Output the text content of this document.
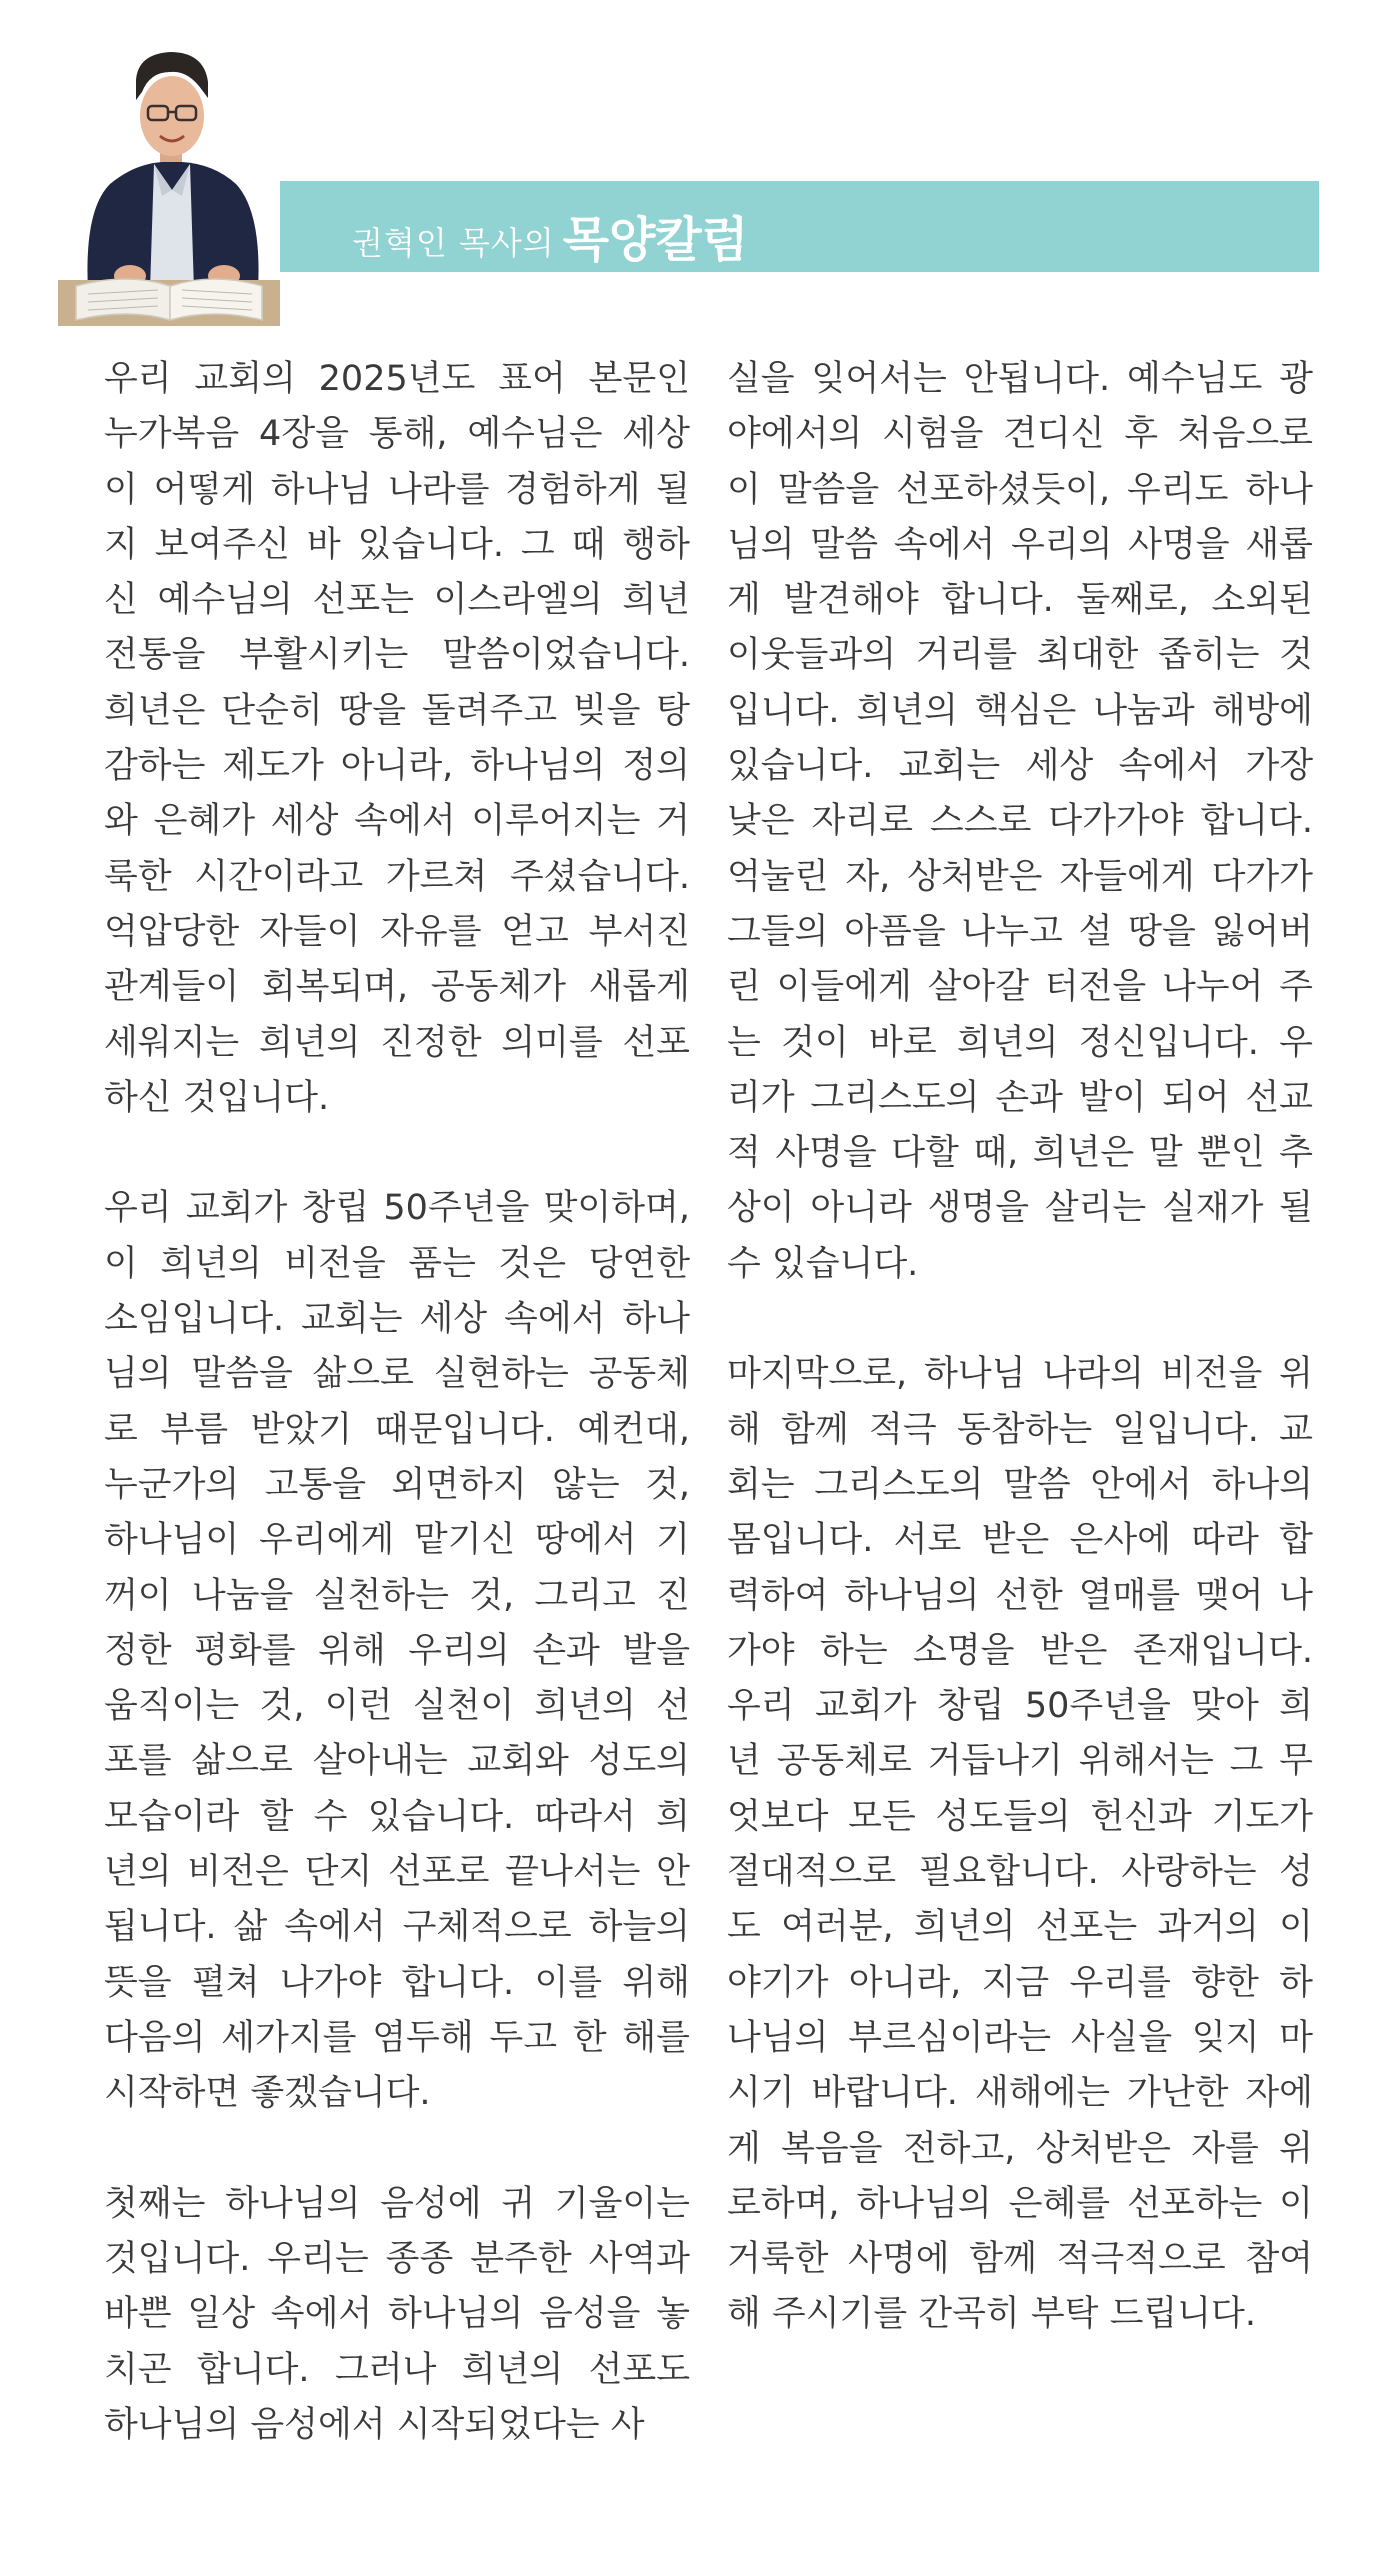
권혁인 목사의 목양칼럼
우리 교회의 2025년도 표어 본문인
누가복음 4장을 통해, 예수님은 세상
이 어떻게 하나님 나라를 경험하게 될
지 보여주신 바 있습니다. 그 때 행하
신 예수님의 선포는 이스라엘의 희년
전통을 부활시키는 말씀이었습니다.
희년은 단순히 땅을 돌려주고 빚을 탕
감하는 제도가 아니라, 하나님의 정의
와 은혜가 세상 속에서 이루어지는 거
룩한 시간이라고 가르쳐 주셨습니다.
억압당한 자들이 자유를 얻고 부서진
관계들이 회복되며, 공동체가 새롭게
세워지는 희년의 진정한 의미를 선포
하신 것입니다.
우리 교회가 창립 50주년을 맞이하며,
이 희년의 비전을 품는 것은 당연한
소임입니다. 교회는 세상 속에서 하나
님의 말씀을 삶으로 실현하는 공동체
로 부름 받았기 때문입니다. 예컨대,
누군가의 고통을 외면하지 않는 것,
하나님이 우리에게 맡기신 땅에서 기
꺼이 나눔을 실천하는 것, 그리고 진
정한 평화를 위해 우리의 손과 발을
움직이는 것, 이런 실천이 희년의 선
포를 삶으로 살아내는 교회와 성도의
모습이라 할 수 있습니다. 따라서 희
년의 비전은 단지 선포로 끝나서는 안
됩니다. 삶 속에서 구체적으로 하늘의
뜻을 펼쳐 나가야 합니다. 이를 위해
다음의 세가지를 염두해 두고 한 해를
시작하면 좋겠습니다.
첫째는 하나님의 음성에 귀 기울이는
것입니다. 우리는 종종 분주한 사역과
바쁜 일상 속에서 하나님의 음성을 놓
치곤 합니다. 그러나 희년의 선포도
하나님의 음성에서 시작되었다는 사
실을 잊어서는 안됩니다. 예수님도 광
야에서의 시험을 견디신 후 처음으로
이 말씀을 선포하셨듯이, 우리도 하나
님의 말씀 속에서 우리의 사명을 새롭
게 발견해야 합니다. 둘째로, 소외된
이웃들과의 거리를 최대한 좁히는 것
입니다. 희년의 핵심은 나눔과 해방에
있습니다. 교회는 세상 속에서 가장
낮은 자리로 스스로 다가가야 합니다.
억눌린 자, 상처받은 자들에게 다가가
그들의 아픔을 나누고 설 땅을 잃어버
린 이들에게 살아갈 터전을 나누어 주
는 것이 바로 희년의 정신입니다. 우
리가 그리스도의 손과 발이 되어 선교
적 사명을 다할 때, 희년은 말 뿐인 추
상이 아니라 생명을 살리는 실재가 될
수 있습니다.
마지막으로, 하나님 나라의 비전을 위
해 함께 적극 동참하는 일입니다. 교
회는 그리스도의 말씀 안에서 하나의
몸입니다. 서로 받은 은사에 따라 합
력하여 하나님의 선한 열매를 맺어 나
가야 하는 소명을 받은 존재입니다.
우리 교회가 창립 50주년을 맞아 희
년 공동체로 거듭나기 위해서는 그 무
엇보다 모든 성도들의 헌신과 기도가
절대적으로 필요합니다. 사랑하는 성
도 여러분, 희년의 선포는 과거의 이
야기가 아니라, 지금 우리를 향한 하
나님의 부르심이라는 사실을 잊지 마
시기 바랍니다. 새해에는 가난한 자에
게 복음을 전하고, 상처받은 자를 위
로하며, 하나님의 은혜를 선포하는 이
거룩한 사명에 함께 적극적으로 참여
해 주시기를 간곡히 부탁 드립니다.
